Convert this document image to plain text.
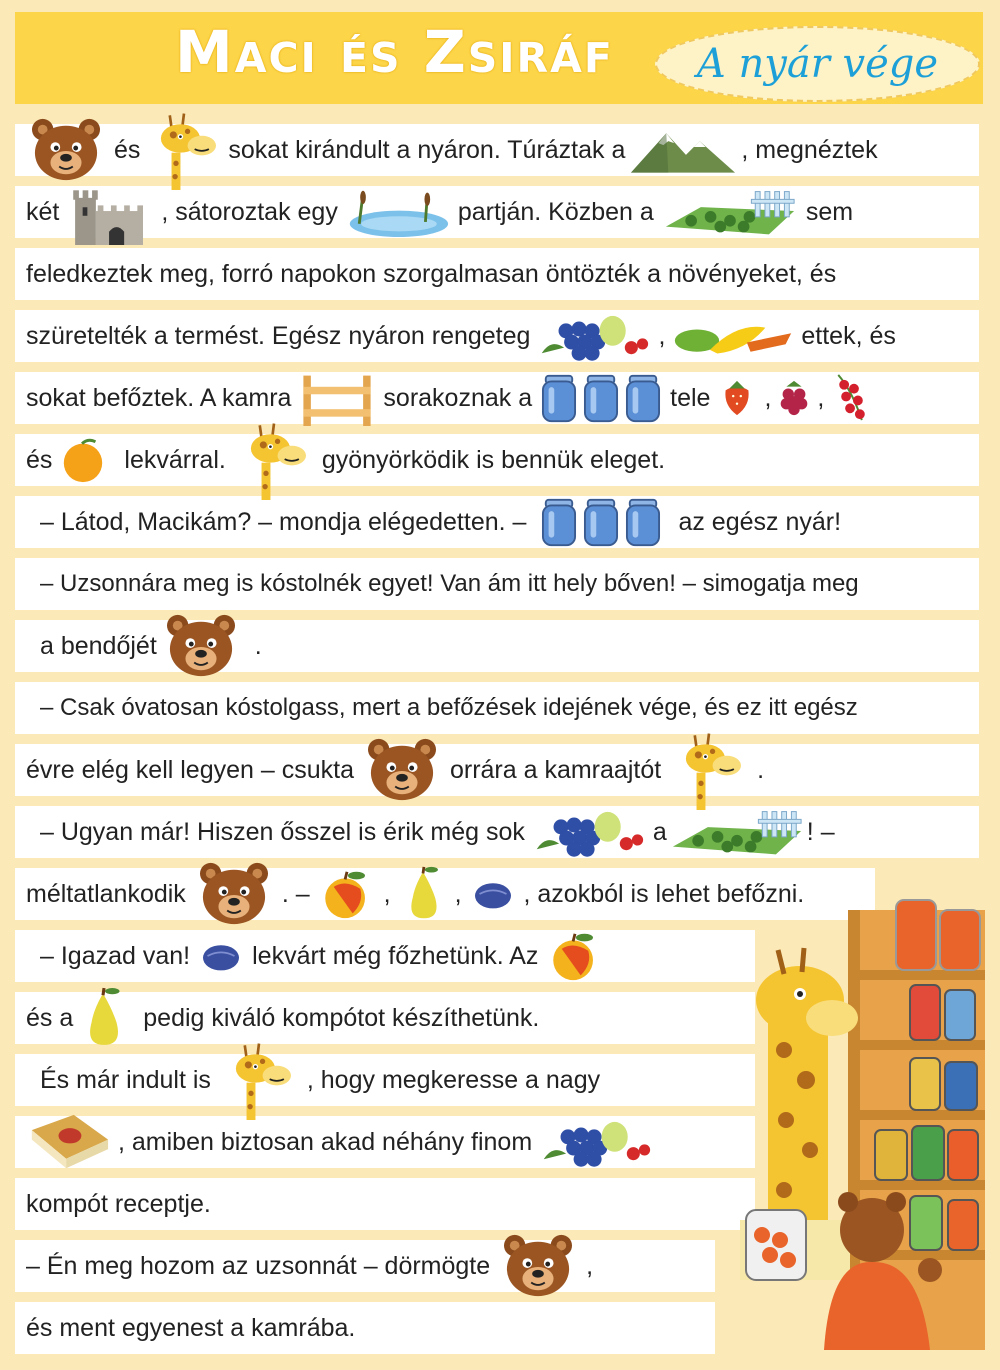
Maci és Zsiráf A nyár vége
és	sokat kirándult a nyáron. Túráztak a	, megnéztek
két	, sátoroztak egy	partján. Közben a	sem
feledkeztek meg, forró napokon szorgalmasan öntözték a növényeket, és
szüretelték a termést. Egész nyáron rengeteg	,	ettek, és
sokat befőztek. A kamra	sorakoznak a	tele , ,
és	lekvárral.	gyönyörködik is bennük eleget.
– Látod, Macikám? – mondja elégedetten. –	az egész nyár!
– Uzsonnára meg is kóstolnék egyet! Van ám itt hely bőven! – simogatja meg
a bendőjét	.
– Csak óvatosan kóstolgass, mert a befőzések idejének vége, és ez itt egész
évre elég kell legyen – csukta	orrára a kamraajtót	.
– Ugyan már! Hiszen ősszel is érik még sok	a	! –
méltatlankodik	. –	,	, , azokból is lehet befőzni.
– Igazad van! lekvárt még főzhetünk. Az
és a	pedig kiváló kompótot készíthetünk.
És már indult is	, hogy megkeresse a nagy
, amiben biztosan akad néhány finom
kompót receptje.
– Én meg hozom az uzsonnát – dörmögte	,
és ment egyenest a kamrába.
